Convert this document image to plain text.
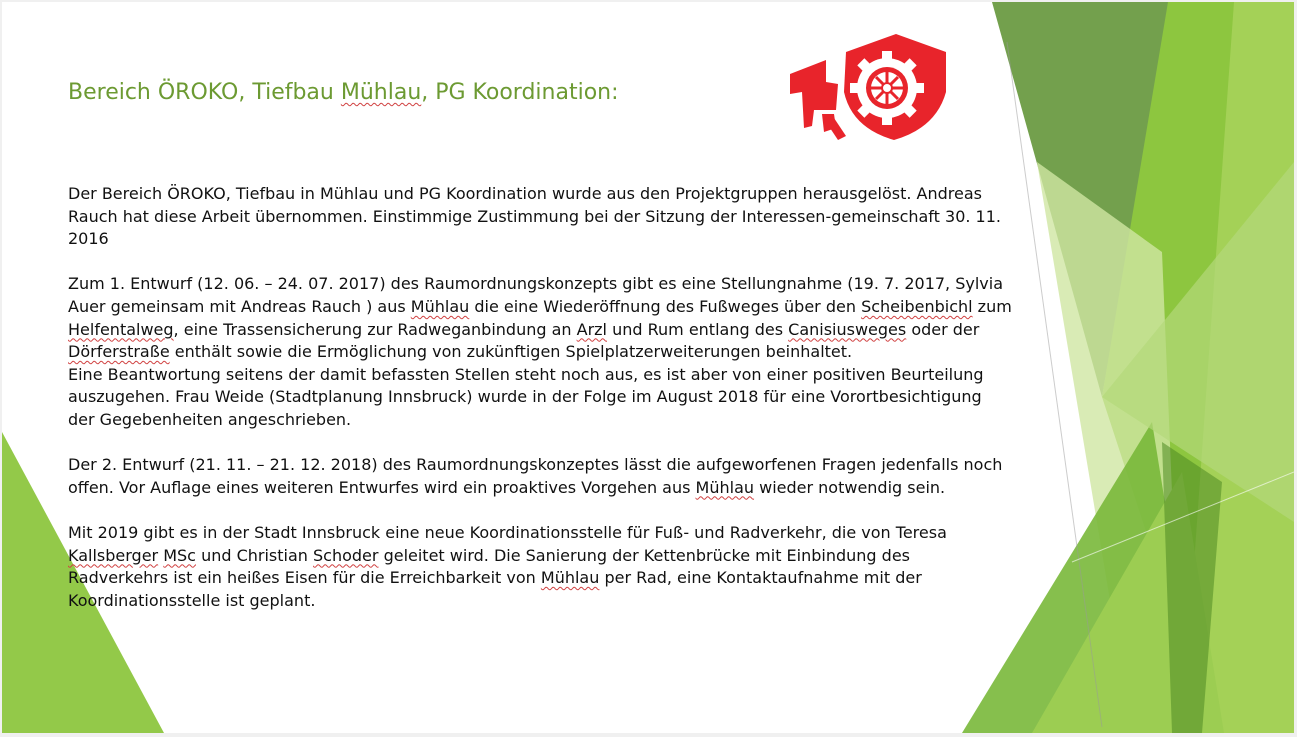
Bereich ÖROKO, Tiefbau Mühlau, PG Koordination:

Der Bereich ÖROKO, Tiefbau in Mühlau und PG Koordination wurde aus den Projektgruppen herausgelöst. Andreas Rauch hat diese Arbeit übernommen. Einstimmige Zustimmung bei der Sitzung der Interessen-gemeinschaft 30. 11. 2016

Zum 1. Entwurf (12. 06. – 24. 07. 2017) des Raumordnungskonzepts gibt es eine Stellungnahme (19. 7. 2017, Sylvia Auer gemeinsam mit Andreas Rauch ) aus Mühlau die eine Wiederöffnung des Fußweges über den Scheibenbichl zum Helfentalweg, eine Trassensicherung zur Radweganbindung an Arzl und Rum entlang des Canisiusweges oder der Dörferstraße enthält sowie die Ermöglichung von zukünftigen Spielplatzerweiterungen beinhaltet.

Eine Beantwortung seitens der damit befassten Stellen steht noch aus, es ist aber von einer positiven Beurteilung auszugehen. Frau Weide (Stadtplanung Innsbruck) wurde in der Folge im August 2018 für eine Vorortbesichtigung der Gegebenheiten angeschrieben.

Der 2. Entwurf (21. 11. – 21. 12. 2018) des Raumordnungskonzeptes lässt die aufgeworfenen Fragen jedenfalls noch offen. Vor Auflage eines weiteren Entwurfes wird ein proaktives Vorgehen aus Mühlau wieder notwendig sein.

Mit 2019 gibt es in der Stadt Innsbruck eine neue Koordinationsstelle für Fuß- und Radverkehr, die von Teresa Kallsberger MSc und Christian Schoder geleitet wird. Die Sanierung der Kettenbrücke mit Einbindung des Radverkehrs ist ein heißes Eisen für die Erreichbarkeit von Mühlau per Rad, eine Kontaktaufnahme mit der Koordinationsstelle ist geplant.
